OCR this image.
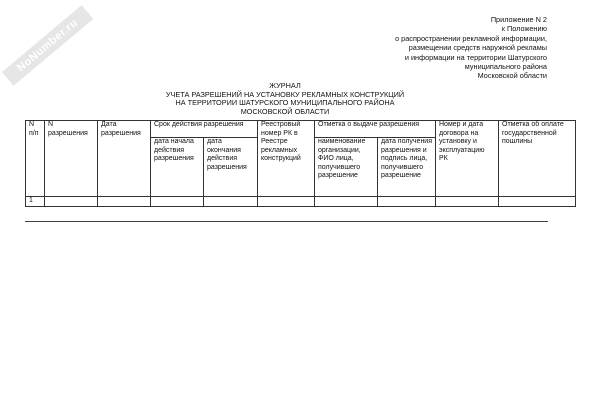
NoNumber.ru	Приложение N 2
к Положению
о распространении рекламной информации,
размещении средств наружной рекламы
и информации на территории Шатурского
муниципального района
Московской области
ЖУРНАЛ
УЧЕТА РАЗРЕШЕНИЙ НА УСТАНОВКУ РЕКЛАМНЫХ КОНСТРУКЦИЙ
НА ТЕРРИТОРИИ ШАТУРСКОГО МУНИЦИПАЛЬНОГО РАЙОНА
МОСКОВСКОЙ ОБЛАСТИ
N п/п	N разрешения	Дата разрешения	Срок действия разрешения		Реестровый номер РК в Реестре рекламных конструкций	Отметка о выдаче разрешения		Номер и дата договора на установку и эксплуатацию РК	Отметка об оплате государственной пошлины
			дата начала действия разрешения	дата окончания действия разрешения		наименование организации, ФИО лица, получившего разрешение	дата получения разрешения и подпись лица, получившего разрешение		
1									
